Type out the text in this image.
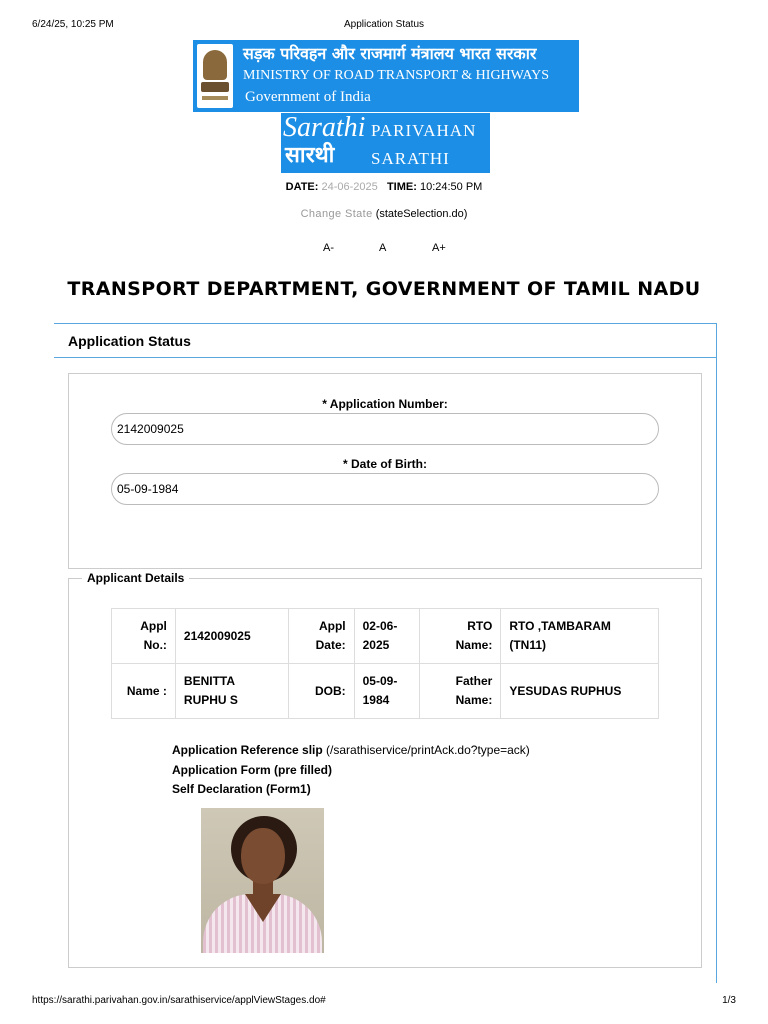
6/24/25, 10:25 PM	Application Status
सड़क परिवहन और राजमार्ग मंत्रालय भारत सरकार
MINISTRY OF ROAD TRANSPORT & HIGHWAYS
Government of India
Sarathi
सारथी
PARIVAHAN
SARATHI
DATE: 24-06-2025 TIME: 10:24:50 PM
Change State (stateSelection.do)
A-	A	A+
TRANSPORT DEPARTMENT, GOVERNMENT OF TAMIL NADU
Application Status
* Application Number:
2142009025
* Date of Birth:
05-09-1984
Applicant Details
Appl No.:	2142009025	Appl Date:	02-06-2025	RTO Name:	RTO ,TAMBARAM (TN11)
Name :	BENITTA RUPHU S	DOB:	05-09-1984	Father Name:	YESUDAS RUPHUS
Application Reference slip (/sarathiservice/printAck.do?type=ack)
Application Form (pre filled)
Self Declaration (Form1)
https://sarathi.parivahan.gov.in/sarathiservice/applViewStages.do#	1/3
